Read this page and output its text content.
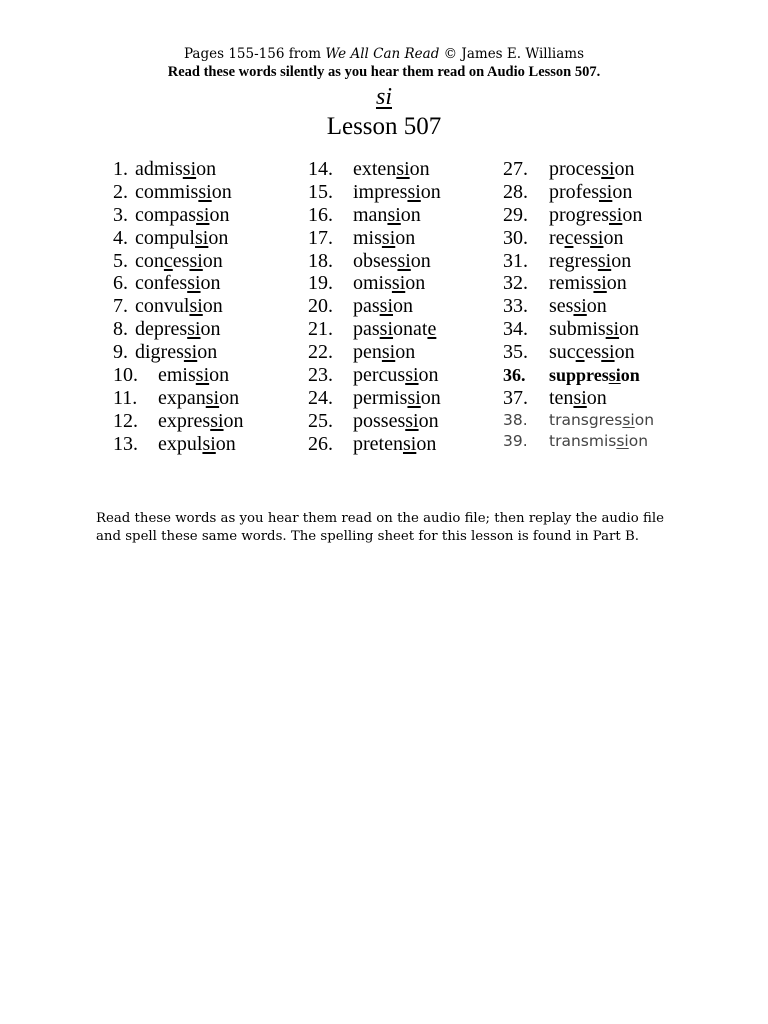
Pages 155-156 from We All Can Read © James E. Williams
Read these words silently as you hear them read on Audio Lesson 507.
si
Lesson 507
1. admission
2. commission
3. compassion
4. compulsion
5. concession
6. confession
7. convulsion
8. depression
9. digression
10. emission
11. expansion
12. expression
13. expulsion
14. extension
15. impression
16. mansion
17. mission
18. obsession
19. omission
20. passion
21. passionate
22. pension
23. percussion
24. permission
25. possession
26. pretension
27. procession
28. profession
29. progression
30. recession
31. regression
32. remission
33. session
34. submission
35. succession
36. suppression
37. tension
38. transgression
39. transmission
Read these words as you hear them read on the audio file; then replay the audio file
and spell these same words. The spelling sheet for this lesson is found in Part B.
